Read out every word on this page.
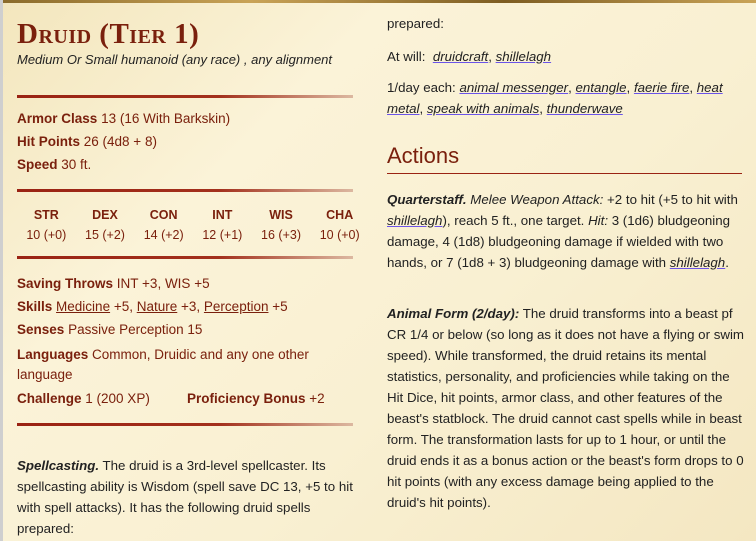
Druid (Tier 1)
Medium Or Small humanoid (any race) , any alignment
Armor Class 13 (16 With Barkskin)
Hit Points 26 (4d8 + 8)
Speed 30 ft.
STR
10 (+0)
DEX
15 (+2)
CON
14 (+2)
INT
12 (+1)
WIS
16 (+3)
CHA
10 (+0)
Saving Throws INT +3, WIS +5
Skills Medicine +5, Nature +3, Perception +5
Senses Passive Perception 15
Languages Common, Druidic and any one other language
Challenge 1 (200 XP)	Proficiency Bonus +2
Spellcasting. The druid is a 3rd-level spellcaster. Its spellcasting ability is Wisdom (spell save DC 13, +5 to hit with spell attacks). It has the following druid spells prepared:
prepared:
At will: druidcraft, shillelagh
1/day each: animal messenger, entangle, faerie fire, heat metal, speak with animals, thunderwave
Actions
Quarterstaff. Melee Weapon Attack: +2 to hit (+5 to hit with shillelagh), reach 5 ft., one target. Hit: 3 (1d6) bludgeoning damage, 4 (1d8) bludgeoning damage if wielded with two hands, or 7 (1d8 + 3) bludgeoning damage with shillelagh.
Animal Form (2/day): The druid transforms into a beast pf CR 1/4 or below (so long as it does not have a flying or swim speed). While transformed, the druid retains its mental statistics, personality, and proficiencies while taking on the Hit Dice, hit points, armor class, and other features of the beast's statblock. The druid cannot cast spells while in beast form. The transformation lasts for up to 1 hour, or until the druid ends it as a bonus action or the beast's form drops to 0 hit points (with any excess damage being applied to the druid's hit points).
